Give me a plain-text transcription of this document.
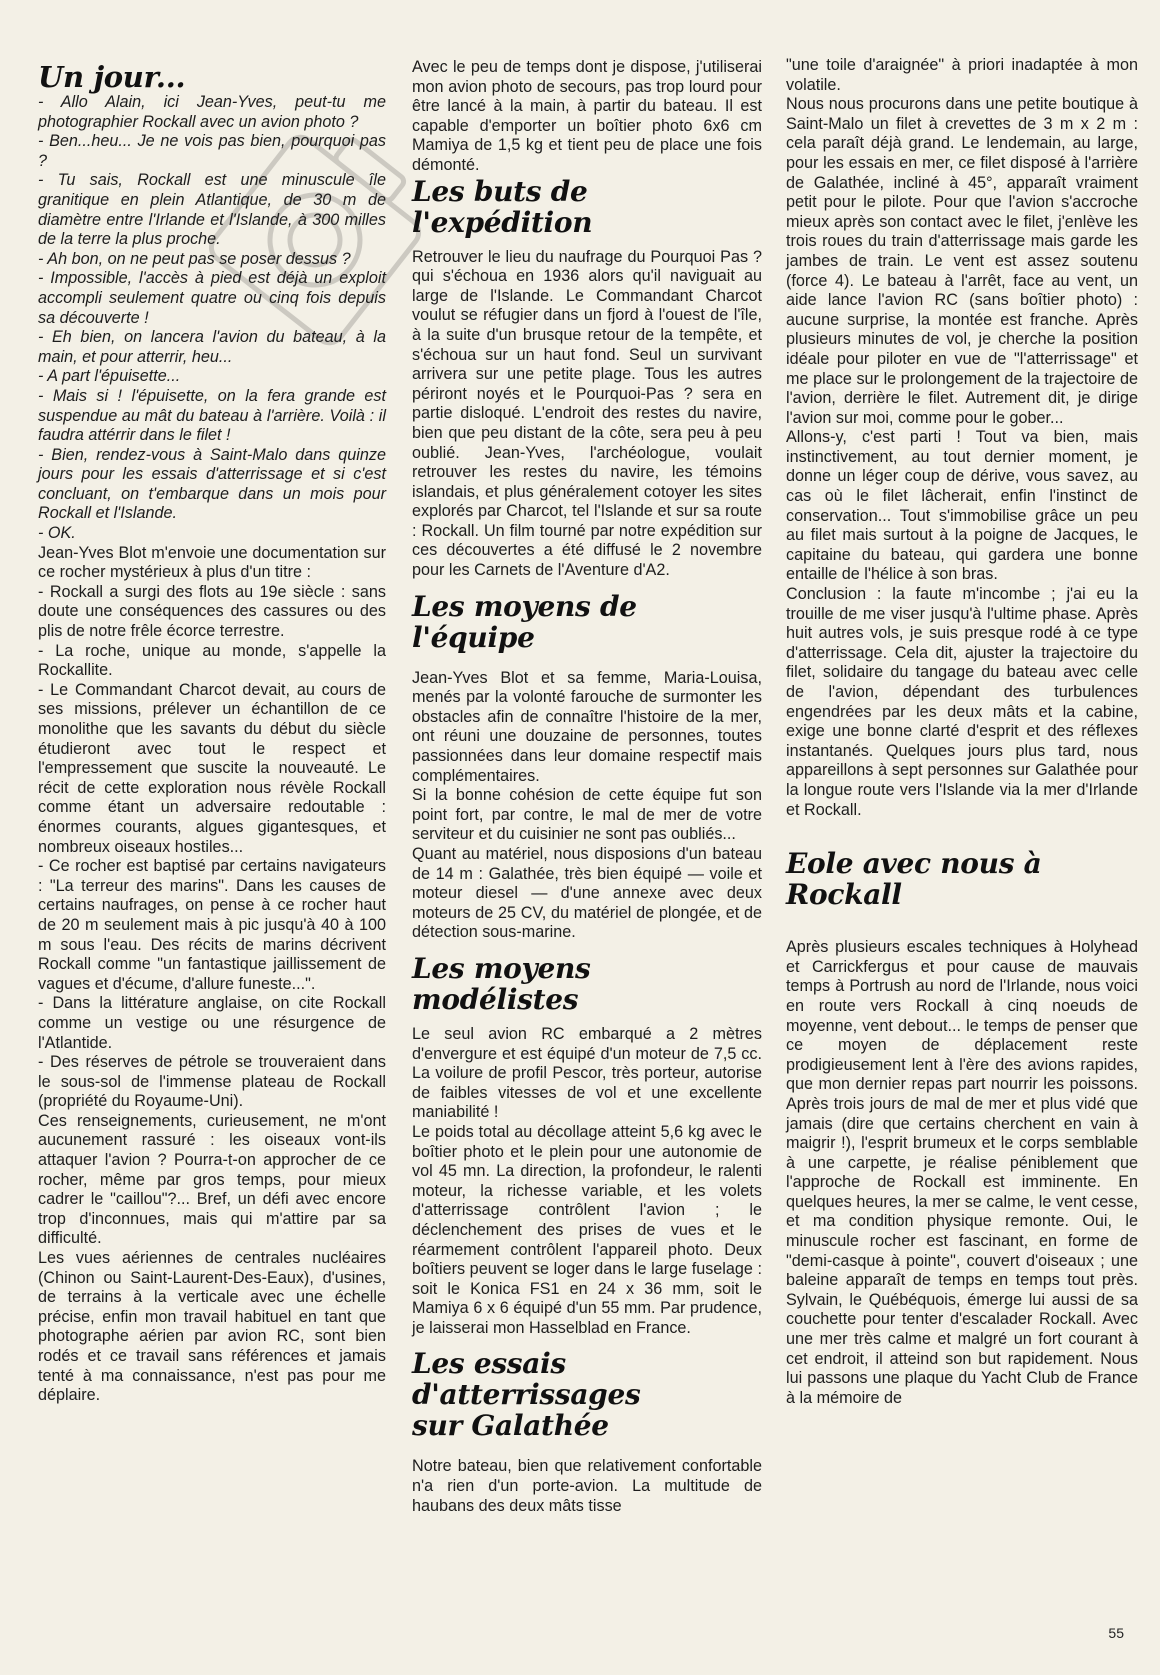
Un jour...

- Allo Alain, ici Jean-Yves, peut-tu me photographier Rockall avec un avion photo ?

- Ben...heu... Je ne vois pas bien, pourquoi pas ?

- Tu sais, Rockall est une minuscule île granitique en plein Atlantique, de 30 m de diamètre entre l'Irlande et l'Islande, à 300 milles de la terre la plus proche.

- Ah bon, on ne peut pas se poser dessus ?

- Impossible, l'accès à pied est déjà un exploit accompli seulement quatre ou cinq fois depuis sa découverte !

- Eh bien, on lancera l'avion du bateau, à la main, et pour atterrir, heu...

- A part l'épuisette...

- Mais si ! l'épuisette, on la fera grande est suspendue au mât du bateau à l'arrière. Voilà : il faudra attérrir dans le filet !

- Bien, rendez-vous à Saint-Malo dans quinze jours pour les essais d'atterrissage et si c'est concluant, on t'embarque dans un mois pour Rockall et l'Islande.

- OK.

Jean-Yves Blot m'envoie une documentation sur ce rocher mystérieux à plus d'un titre :

- Rockall a surgi des flots au 19e siècle : sans doute une conséquences des cassures ou des plis de notre frêle écorce terrestre.

- La roche, unique au monde, s'appelle la Rockallite.

- Le Commandant Charcot devait, au cours de ses missions, prélever un échantillon de ce monolithe que les savants du début du siècle étudieront avec tout le respect et l'empressement que suscite la nouveauté. Le récit de cette exploration nous révèle Rockall comme étant un adversaire redoutable : énormes courants, algues gigantesques, et nombreux oiseaux hostiles...

- Ce rocher est baptisé par certains navigateurs : "La terreur des marins". Dans les causes de certains naufrages, on pense à ce rocher haut de 20 m seulement mais à pic jusqu'à 40 à 100 m sous l'eau. Des récits de marins décrivent Rockall comme "un fantastique jaillissement de vagues et d'écume, d'allure funeste...".

- Dans la littérature anglaise, on cite Rockall comme un vestige ou une résurgence de l'Atlantide.

- Des réserves de pétrole se trouveraient dans le sous-sol de l'immense plateau de Rockall (propriété du Royaume-Uni).

Ces renseignements, curieusement, ne m'ont aucunement rassuré : les oiseaux vont-ils attaquer l'avion ? Pourra-t-on approcher de ce rocher, même par gros temps, pour mieux cadrer le "caillou"?... Bref, un défi avec encore trop d'inconnues, mais qui m'attire par sa difficulté.

Les vues aériennes de centrales nucléaires (Chinon ou Saint-Laurent-Des-Eaux), d'usines, de terrains à la verticale avec une échelle précise, enfin mon travail habituel en tant que photographe aérien par avion RC, sont bien rodés et ce travail sans références et jamais tenté à ma connaissance, n'est pas pour me déplaire.

Avec le peu de temps dont je dispose, j'utiliserai mon avion photo de secours, pas trop lourd pour être lancé à la main, à partir du bateau. Il est capable d'emporter un boîtier photo 6x6 cm Mamiya de 1,5 kg et tient peu de place une fois démonté.

Les buts de l'expédition

Retrouver le lieu du naufrage du Pourquoi Pas ? qui s'échoua en 1936 alors qu'il naviguait au large de l'Islande. Le Commandant Charcot voulut se réfugier dans un fjord à l'ouest de l'île, à la suite d'un brusque retour de la tempête, et s'échoua sur un haut fond. Seul un survivant arrivera sur une petite plage. Tous les autres périront noyés et le Pourquoi-Pas ? sera en partie disloqué. L'endroit des restes du navire, bien que peu distant de la côte, sera peu à peu oublié. Jean-Yves, l'archéologue, voulait retrouver les restes du navire, les témoins islandais, et plus généralement cotoyer les sites explorés par Charcot, tel l'Islande et sur sa route : Rockall. Un film tourné par notre expédition sur ces découvertes a été diffusé le 2 novembre pour les Carnets de l'Aventure d'A2.

Les moyens de l'équipe

Jean-Yves Blot et sa femme, Maria-Louisa, menés par la volonté farouche de surmonter les obstacles afin de connaître l'histoire de la mer, ont réuni une douzaine de personnes, toutes passionnées dans leur domaine respectif mais complémentaires.

Si la bonne cohésion de cette équipe fut son point fort, par contre, le mal de mer de votre serviteur et du cuisinier ne sont pas oubliés...

Quant au matériel, nous disposions d'un bateau de 14 m : Galathée, très bien équipé — voile et moteur diesel — d'une annexe avec deux moteurs de 25 CV, du matériel de plongée, et de détection sous-marine.

Les moyens modélistes

Le seul avion RC embarqué a 2 mètres d'envergure et est équipé d'un moteur de 7,5 cc. La voilure de profil Pescor, très porteur, autorise de faibles vitesses de vol et une excellente maniabilité !

Le poids total au décollage atteint 5,6 kg avec le boîtier photo et le plein pour une autonomie de vol 45 mn. La direction, la profondeur, le ralenti moteur, la richesse variable, et les volets d'atterrissage contrôlent l'avion ; le déclenchement des prises de vues et le réarmement contrôlent l'appareil photo. Deux boîtiers peuvent se loger dans le large fuselage : soit le Konica FS1 en 24 x 36 mm, soit le Mamiya 6 x 6 équipé d'un 55 mm. Par prudence, je laisserai mon Hasselblad en France.

Les essais
d'atterrissages
sur Galathée

Notre bateau, bien que relativement confortable n'a rien d'un porte-avion. La multitude de haubans des deux mâts tisse

"une toile d'araignée" à priori inadaptée à mon volatile.

Nous nous procurons dans une petite boutique à Saint-Malo un filet à crevettes de 3 m x 2 m : cela paraît déjà grand. Le lendemain, au large, pour les essais en mer, ce filet disposé à l'arrière de Galathée, incliné à 45°, apparaît vraiment petit pour le pilote. Pour que l'avion s'accroche mieux après son contact avec le filet, j'enlève les trois roues du train d'atterrissage mais garde les jambes de train. Le vent est assez soutenu (force 4). Le bateau à l'arrêt, face au vent, un aide lance l'avion RC (sans boîtier photo) : aucune surprise, la montée est franche. Après plusieurs minutes de vol, je cherche la position idéale pour piloter en vue de "l'atterrissage" et me place sur le prolongement de la trajectoire de l'avion, derrière le filet. Autrement dit, je dirige l'avion sur moi, comme pour le gober...

Allons-y, c'est parti ! Tout va bien, mais instinctivement, au tout dernier moment, je donne un léger coup de dérive, vous savez, au cas où le filet lâcherait, enfin l'instinct de conservation... Tout s'immobilise grâce un peu au filet mais surtout à la poigne de Jacques, le capitaine du bateau, qui gardera une bonne entaille de l'hélice à son bras.

Conclusion : la faute m'incombe ; j'ai eu la trouille de me viser jusqu'à l'ultime phase. Après huit autres vols, je suis presque rodé à ce type d'atterrissage. Cela dit, ajuster la trajectoire du filet, solidaire du tangage du bateau avec celle de l'avion, dépendant des turbulences engendrées par les deux mâts et la cabine, exige une bonne clarté d'esprit et des réflexes instantanés. Quelques jours plus tard, nous appareillons à sept personnes sur Galathée pour la longue route vers l'Islande via la mer d'Irlande et Rockall.

Eole avec nous à Rockall

Après plusieurs escales techniques à Holyhead et Carrickfergus et pour cause de mauvais temps à Portrush au nord de l'Irlande, nous voici en route vers Rockall à cinq noeuds de moyenne, vent debout... le temps de penser que ce moyen de déplacement reste prodigieusement lent à l'ère des avions rapides, que mon dernier repas part nourrir les poissons. Après trois jours de mal de mer et plus vidé que jamais (dire que certains cherchent en vain à maigrir !), l'esprit brumeux et le corps semblable à une carpette, je réalise péniblement que l'approche de Rockall est imminente. En quelques heures, la mer se calme, le vent cesse, et ma condition physique remonte. Oui, le minuscule rocher est fascinant, en forme de "demi-casque à pointe", couvert d'oiseaux ; une baleine apparaît de temps en temps tout près. Sylvain, le Québéquois, émerge lui aussi de sa couchette pour tenter d'escalader Rockall. Avec une mer très calme et malgré un fort courant à cet endroit, il atteind son but rapidement. Nous lui passons une plaque du Yacht Club de France à la mémoire de

55
